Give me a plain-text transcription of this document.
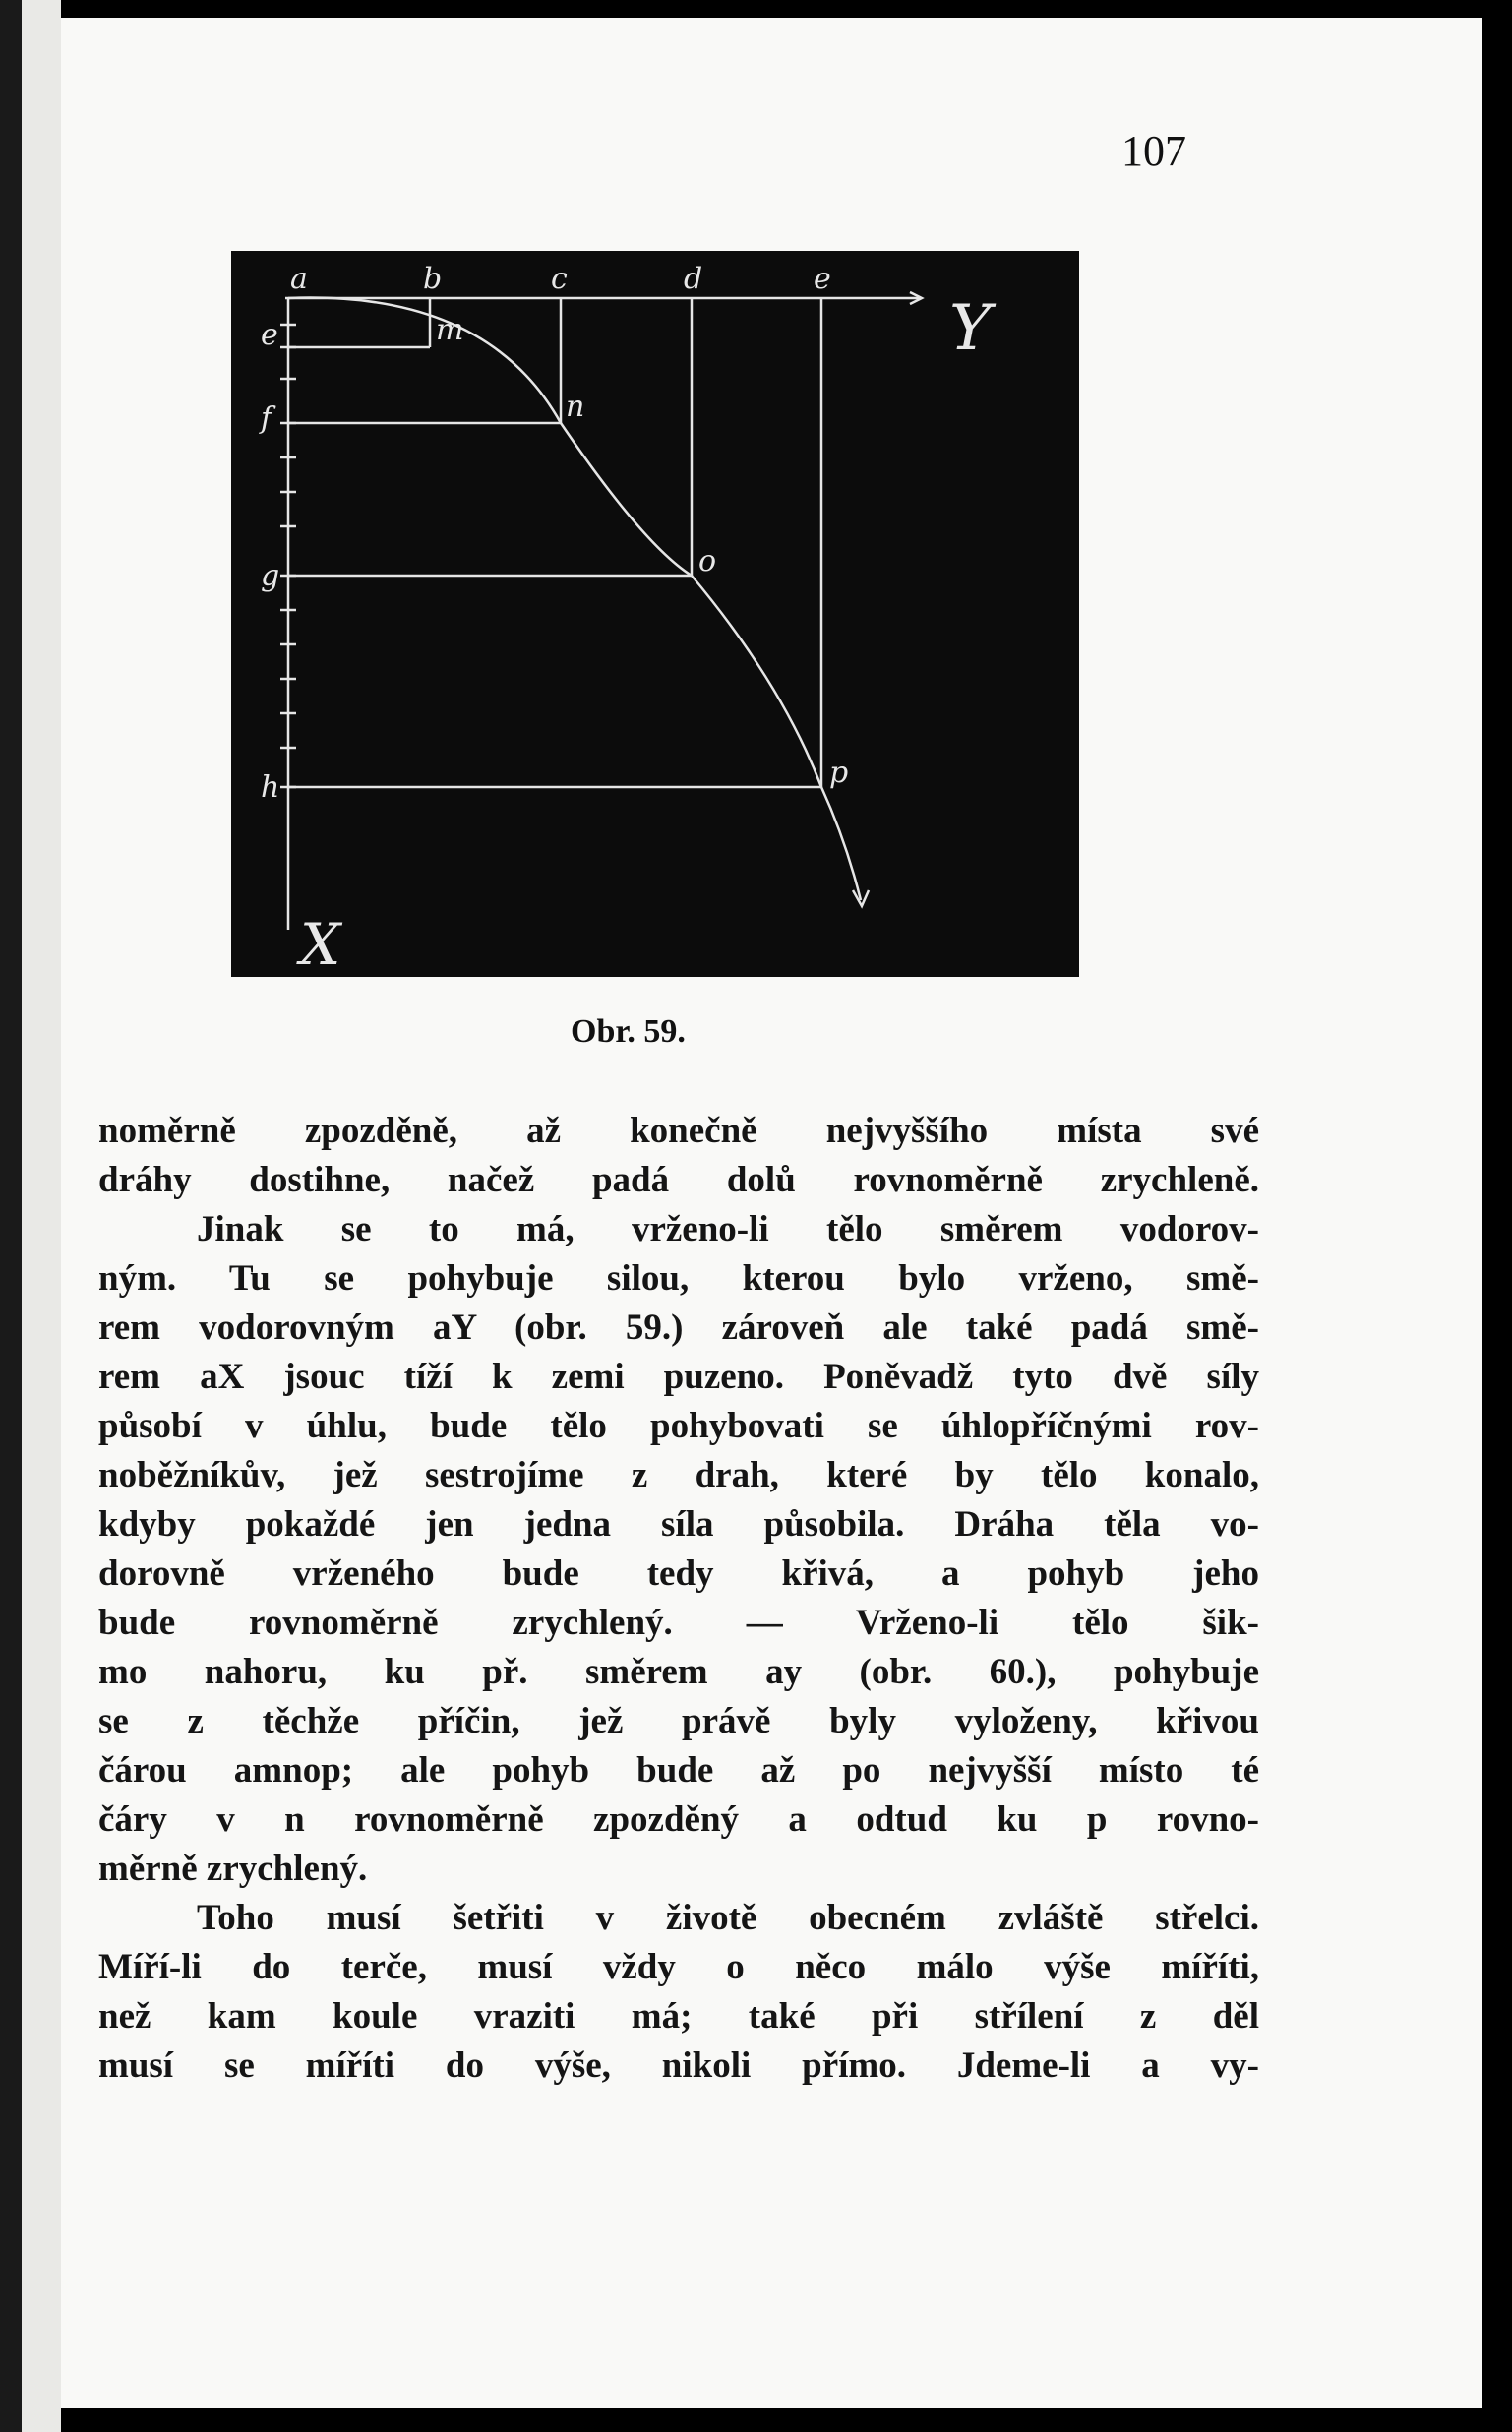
107
a	b	c	d	e
Y
e	m
f	n
g	o
h	p
X
Obr. 59.

noměrně zpozděně, až konečně nejvyššího místa své
dráhy dostihne, načež padá dolů rovnoměrně zrychleně.
Jinak se to má, vrženo-li tělo směrem vodorov-
ným. Tu se pohybuje silou, kterou bylo vrženo, smě-
rem vodorovným aY (obr. 59.) zároveň ale také padá smě-
rem aX jsouc tíží k zemi puzeno. Poněvadž tyto dvě síly
působí v úhlu, bude tělo pohybovati se úhlopříčnými rov-
noběžníkův, jež sestrojíme z drah, které by tělo konalo,
kdyby pokaždé jen jedna síla působila. Dráha těla vo-
dorovně vrženého bude tedy křivá, a pohyb jeho
bude rovnoměrně zrychlený. — Vrženo-li tělo šik-
mo nahoru, ku př. směrem ay (obr. 60.), pohybuje
se z těchže příčin, jež právě byly vyloženy, křivou
čárou amnop; ale pohyb bude až po nejvyšší místo té
čáry v n rovnoměrně zpozděný a odtud ku p rovno-
měrně zrychlený.

Toho musí šetřiti v životě obecném zvláště střelci.
Míří-li do terče, musí vždy o něco málo výše míříti,
než kam koule vraziti má; také při střílení z děl
musí se míříti do výše, nikoli přímo. Jdeme-li a vy-
